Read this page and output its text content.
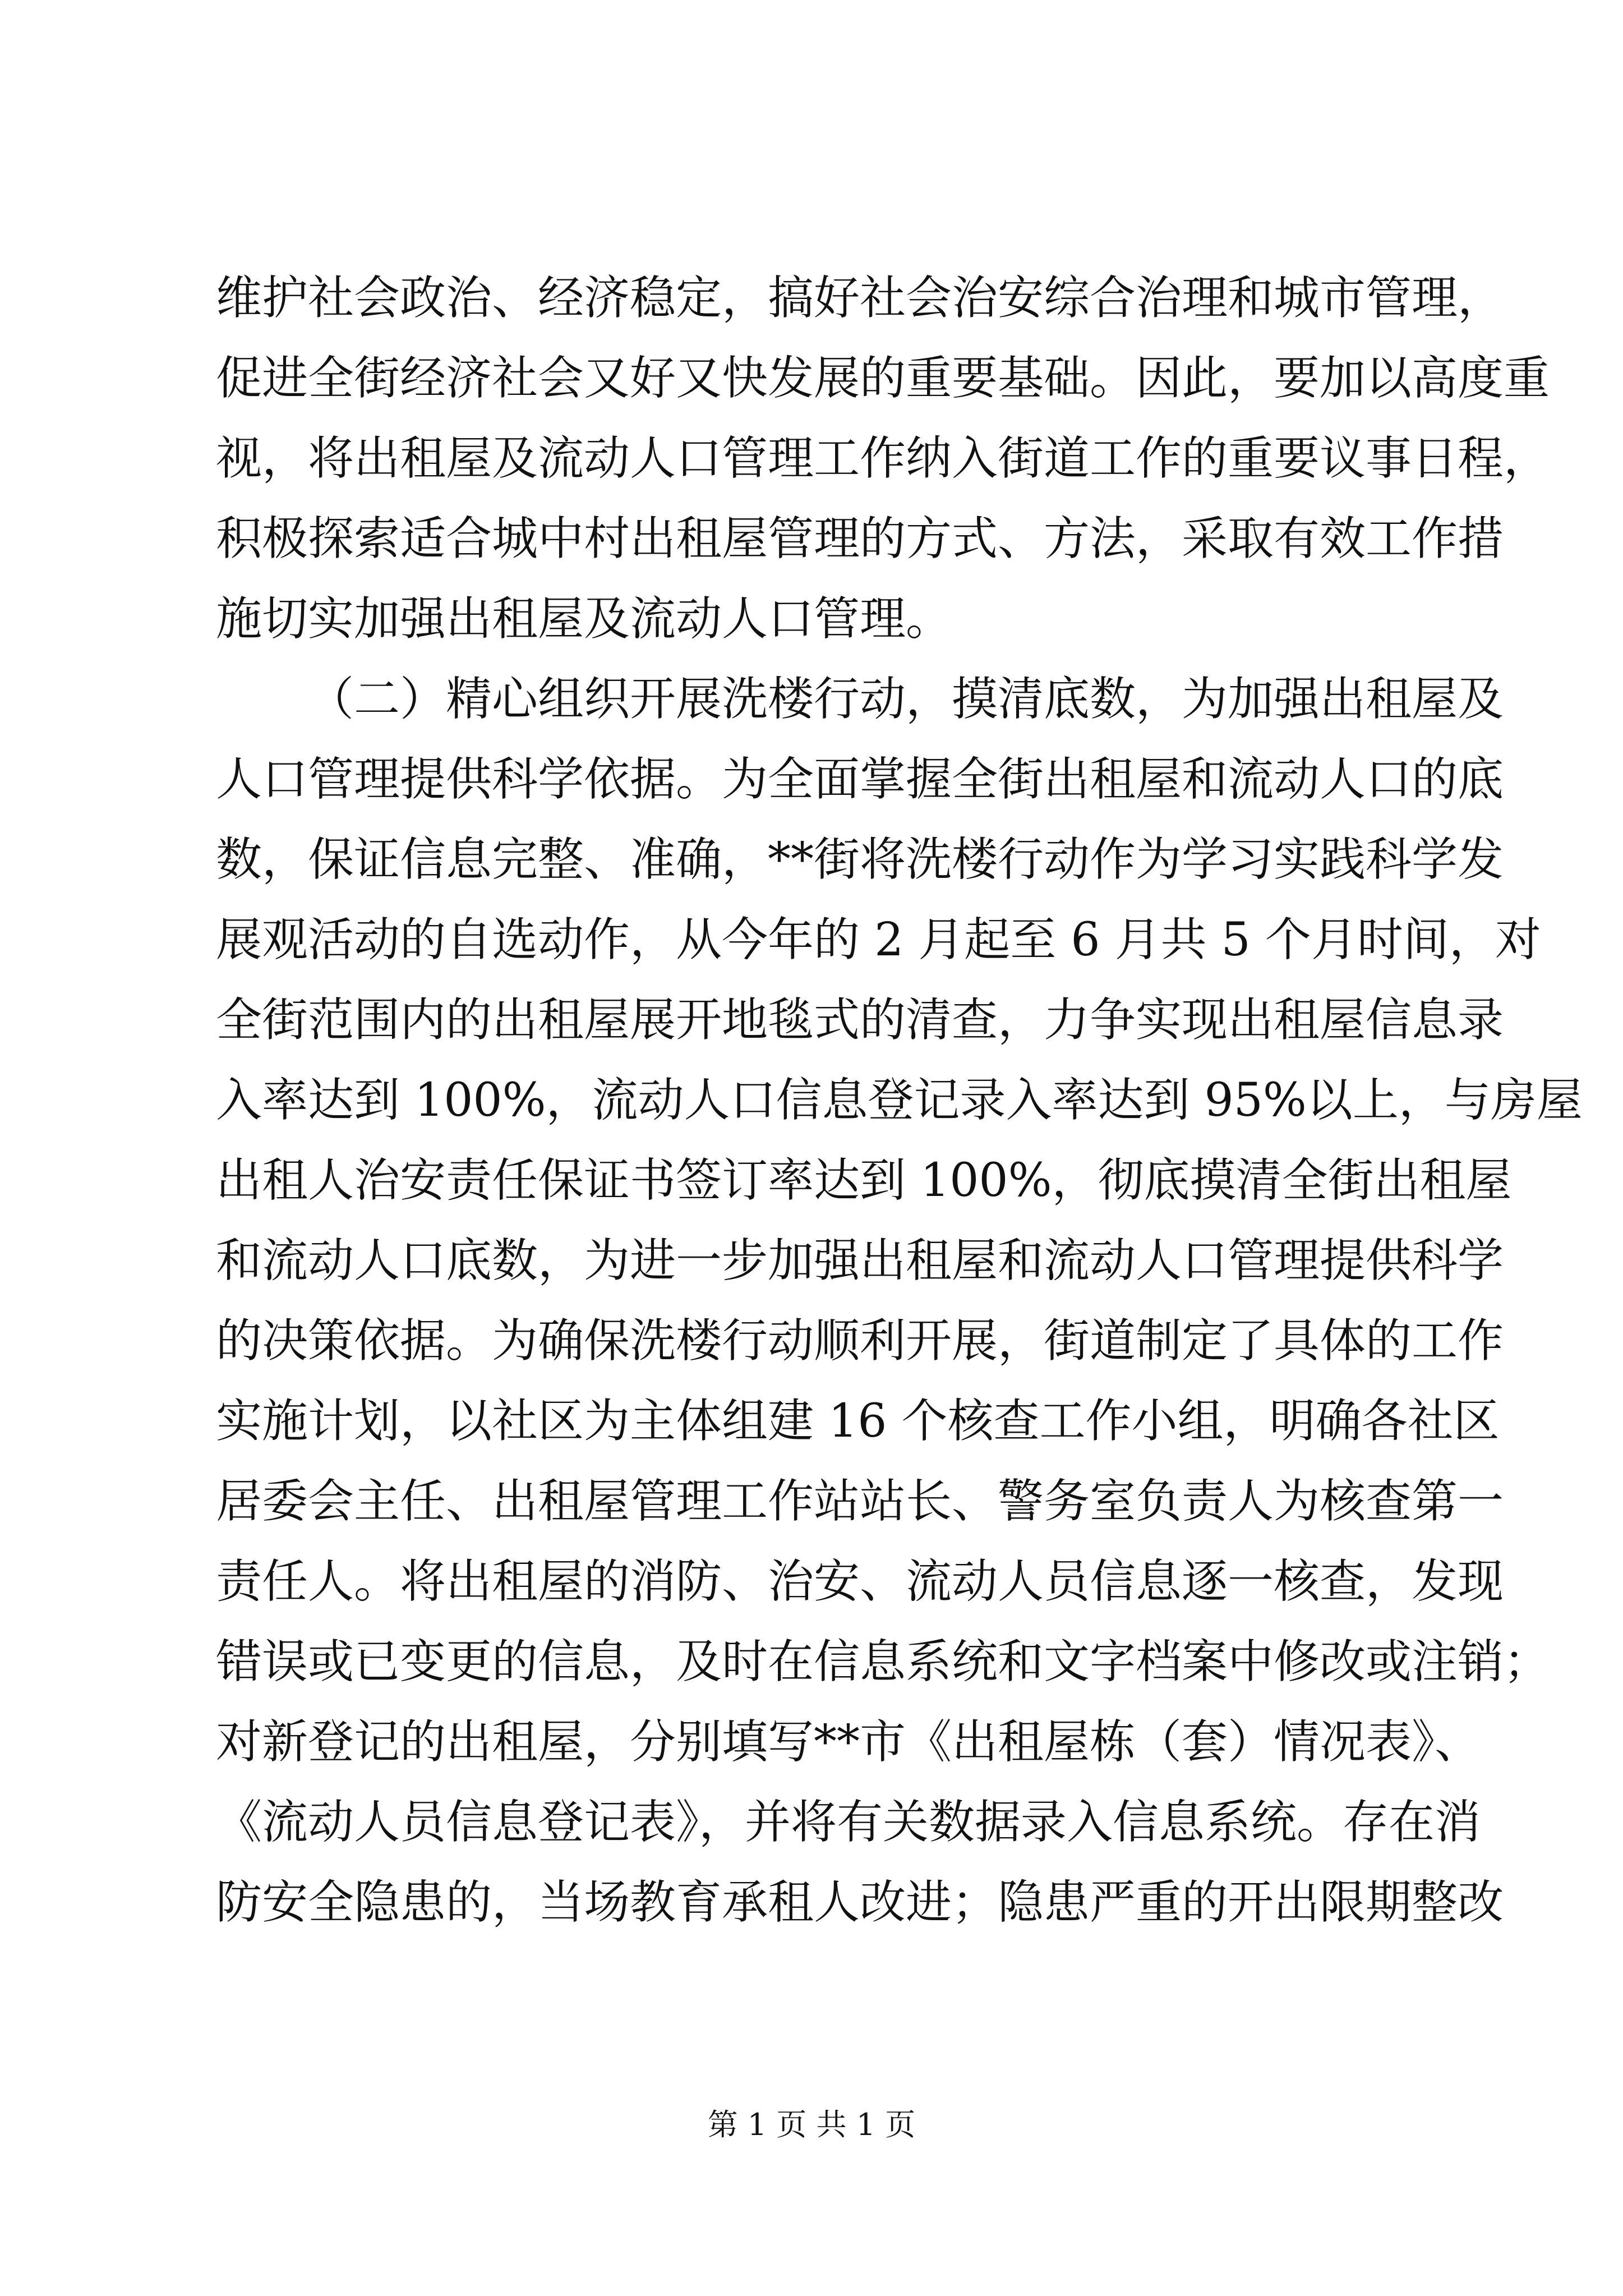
维护社会政治、经济稳定，搞好社会治安综合治理和城市管理，
促进全街经济社会又好又快发展的重要基础。因此，要加以高度重
视，将出租屋及流动人口管理工作纳入街道工作的重要议事日程，
积极探索适合城中村出租屋管理的方式、方法，采取有效工作措
施切实加强出租屋及流动人口管理。
（二）精心组织开展洗楼行动，摸清底数，为加强出租屋及
人口管理提供科学依据。为全面掌握全街出租屋和流动人口的底
数，保证信息完整、准确，**街将洗楼行动作为学习实践科学发
展观活动的自选动作，从今年的 2 月起至 6 月共 5 个月时间，对
全街范围内的出租屋展开地毯式的清查，力争实现出租屋信息录
入率达到 100%，流动人口信息登记录入率达到 95%以上，与房屋
出租人治安责任保证书签订率达到 100%，彻底摸清全街出租屋
和流动人口底数，为进一步加强出租屋和流动人口管理提供科学
的决策依据。为确保洗楼行动顺利开展，街道制定了具体的工作
实施计划，以社区为主体组建 16 个核查工作小组，明确各社区
居委会主任、出租屋管理工作站站长、警务室负责人为核查第一
责任人。将出租屋的消防、治安、流动人员信息逐一核查，发现
错误或已变更的信息，及时在信息系统和文字档案中修改或注销；
对新登记的出租屋，分别填写**市《出租屋栋（套）情况表》、
《流动人员信息登记表》，并将有关数据录入信息系统。存在消
防安全隐患的，当场教育承租人改进；隐患严重的开出限期整改
第 1 页 共 1 页
